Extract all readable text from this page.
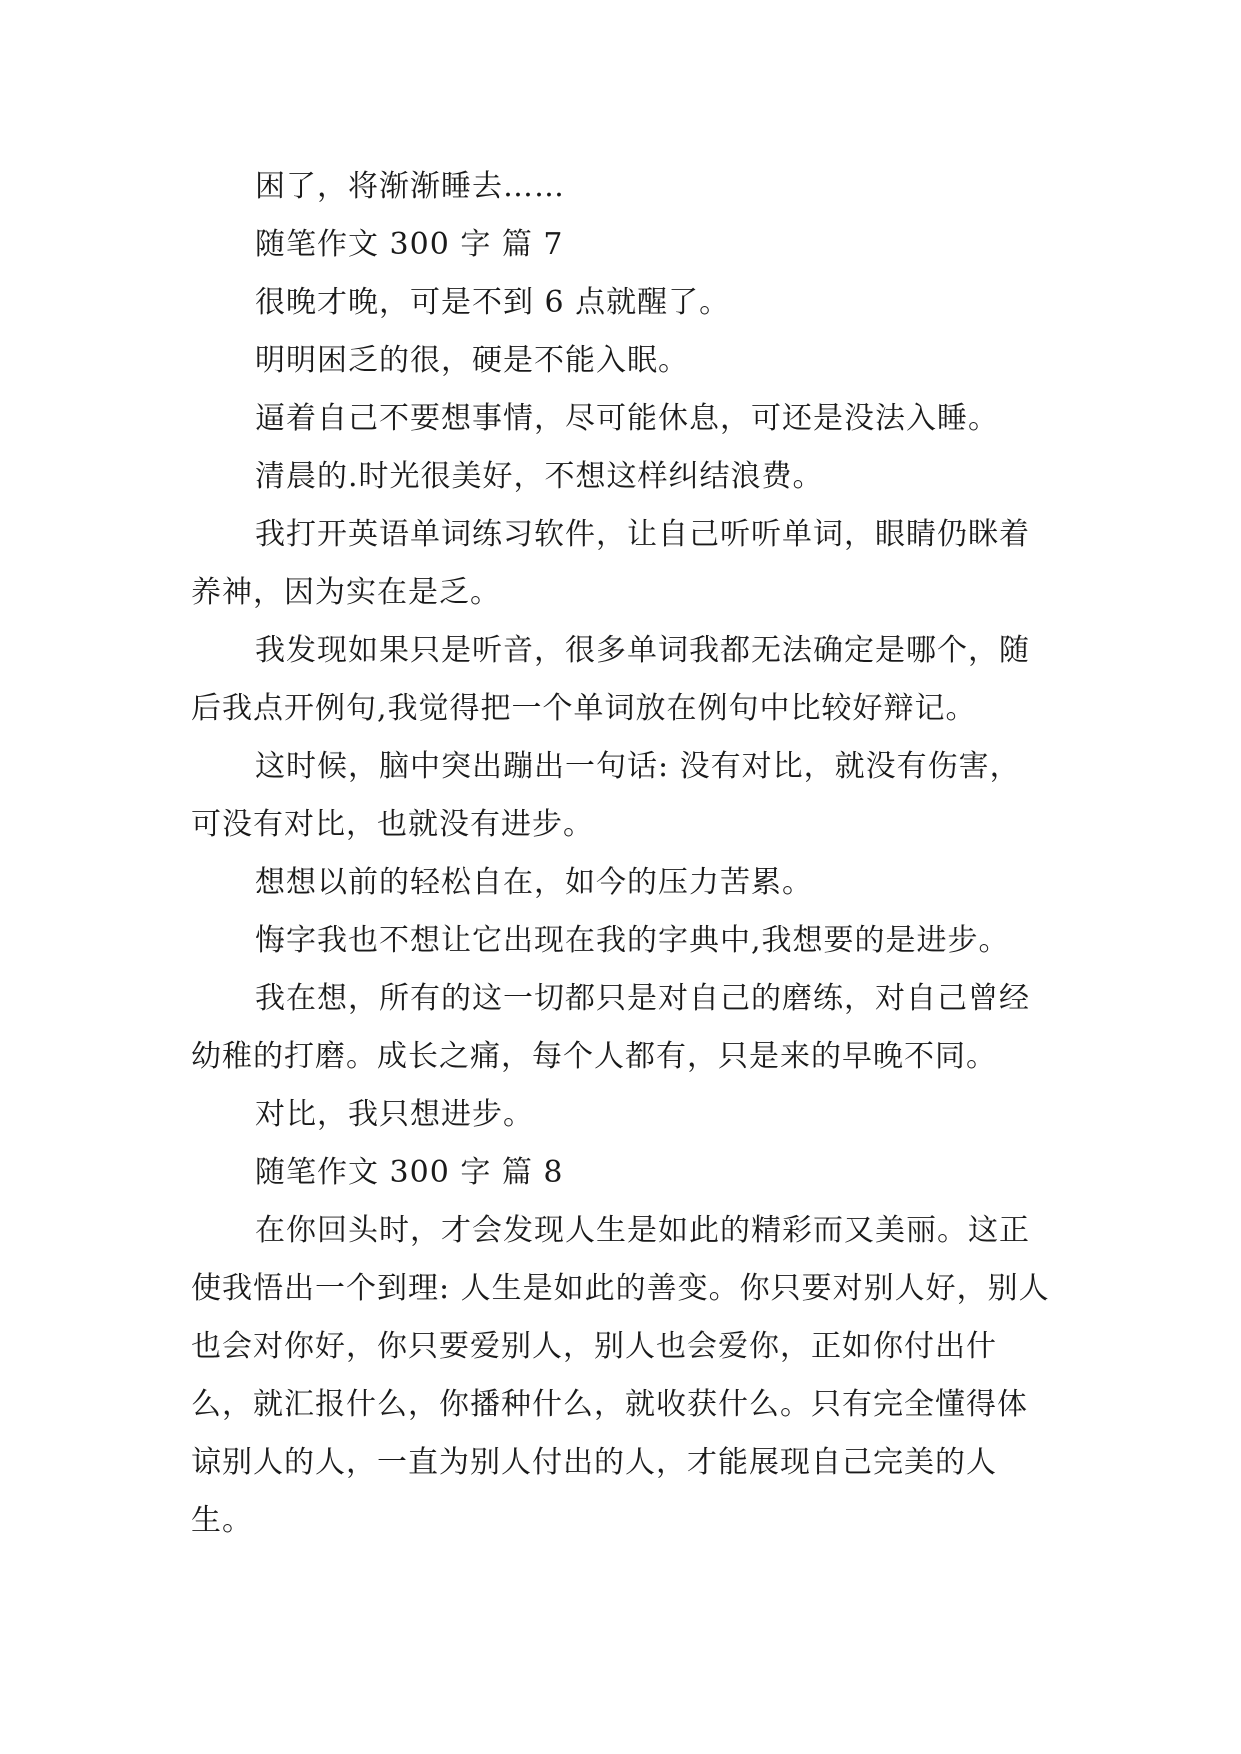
困了，将渐渐睡去……

随笔作文 300 字 篇 7

很晚才晚，可是不到 6 点就醒了。

明明困乏的很，硬是不能入眠。

逼着自己不要想事情，尽可能休息，可还是没法入睡。

清晨的.时光很美好，不想这样纠结浪费。

我打开英语单词练习软件，让自己听听单词，眼睛仍眯着养神，因为实在是乏。

我发现如果只是听音，很多单词我都无法确定是哪个，随后我点开例句,我觉得把一个单词放在例句中比较好辩记。

这时候，脑中突出蹦出一句话: 没有对比，就没有伤害，可没有对比，也就没有进步。

想想以前的轻松自在，如今的压力苦累。

悔字我也不想让它出现在我的字典中,我想要的是进步。

我在想，所有的这一切都只是对自己的磨练，对自己曾经幼稚的打磨。成长之痛，每个人都有，只是来的早晚不同。

对比，我只想进步。

随笔作文 300 字 篇 8

在你回头时，才会发现人生是如此的精彩而又美丽。这正使我悟出一个到理: 人生是如此的善变。你只要对别人好，别人也会对你好，你只要爱别人，别人也会爱你，正如你付出什么，就汇报什么，你播种什么，就收获什么。只有完全懂得体谅别人的人，一直为别人付出的人，才能展现自己完美的人生。
